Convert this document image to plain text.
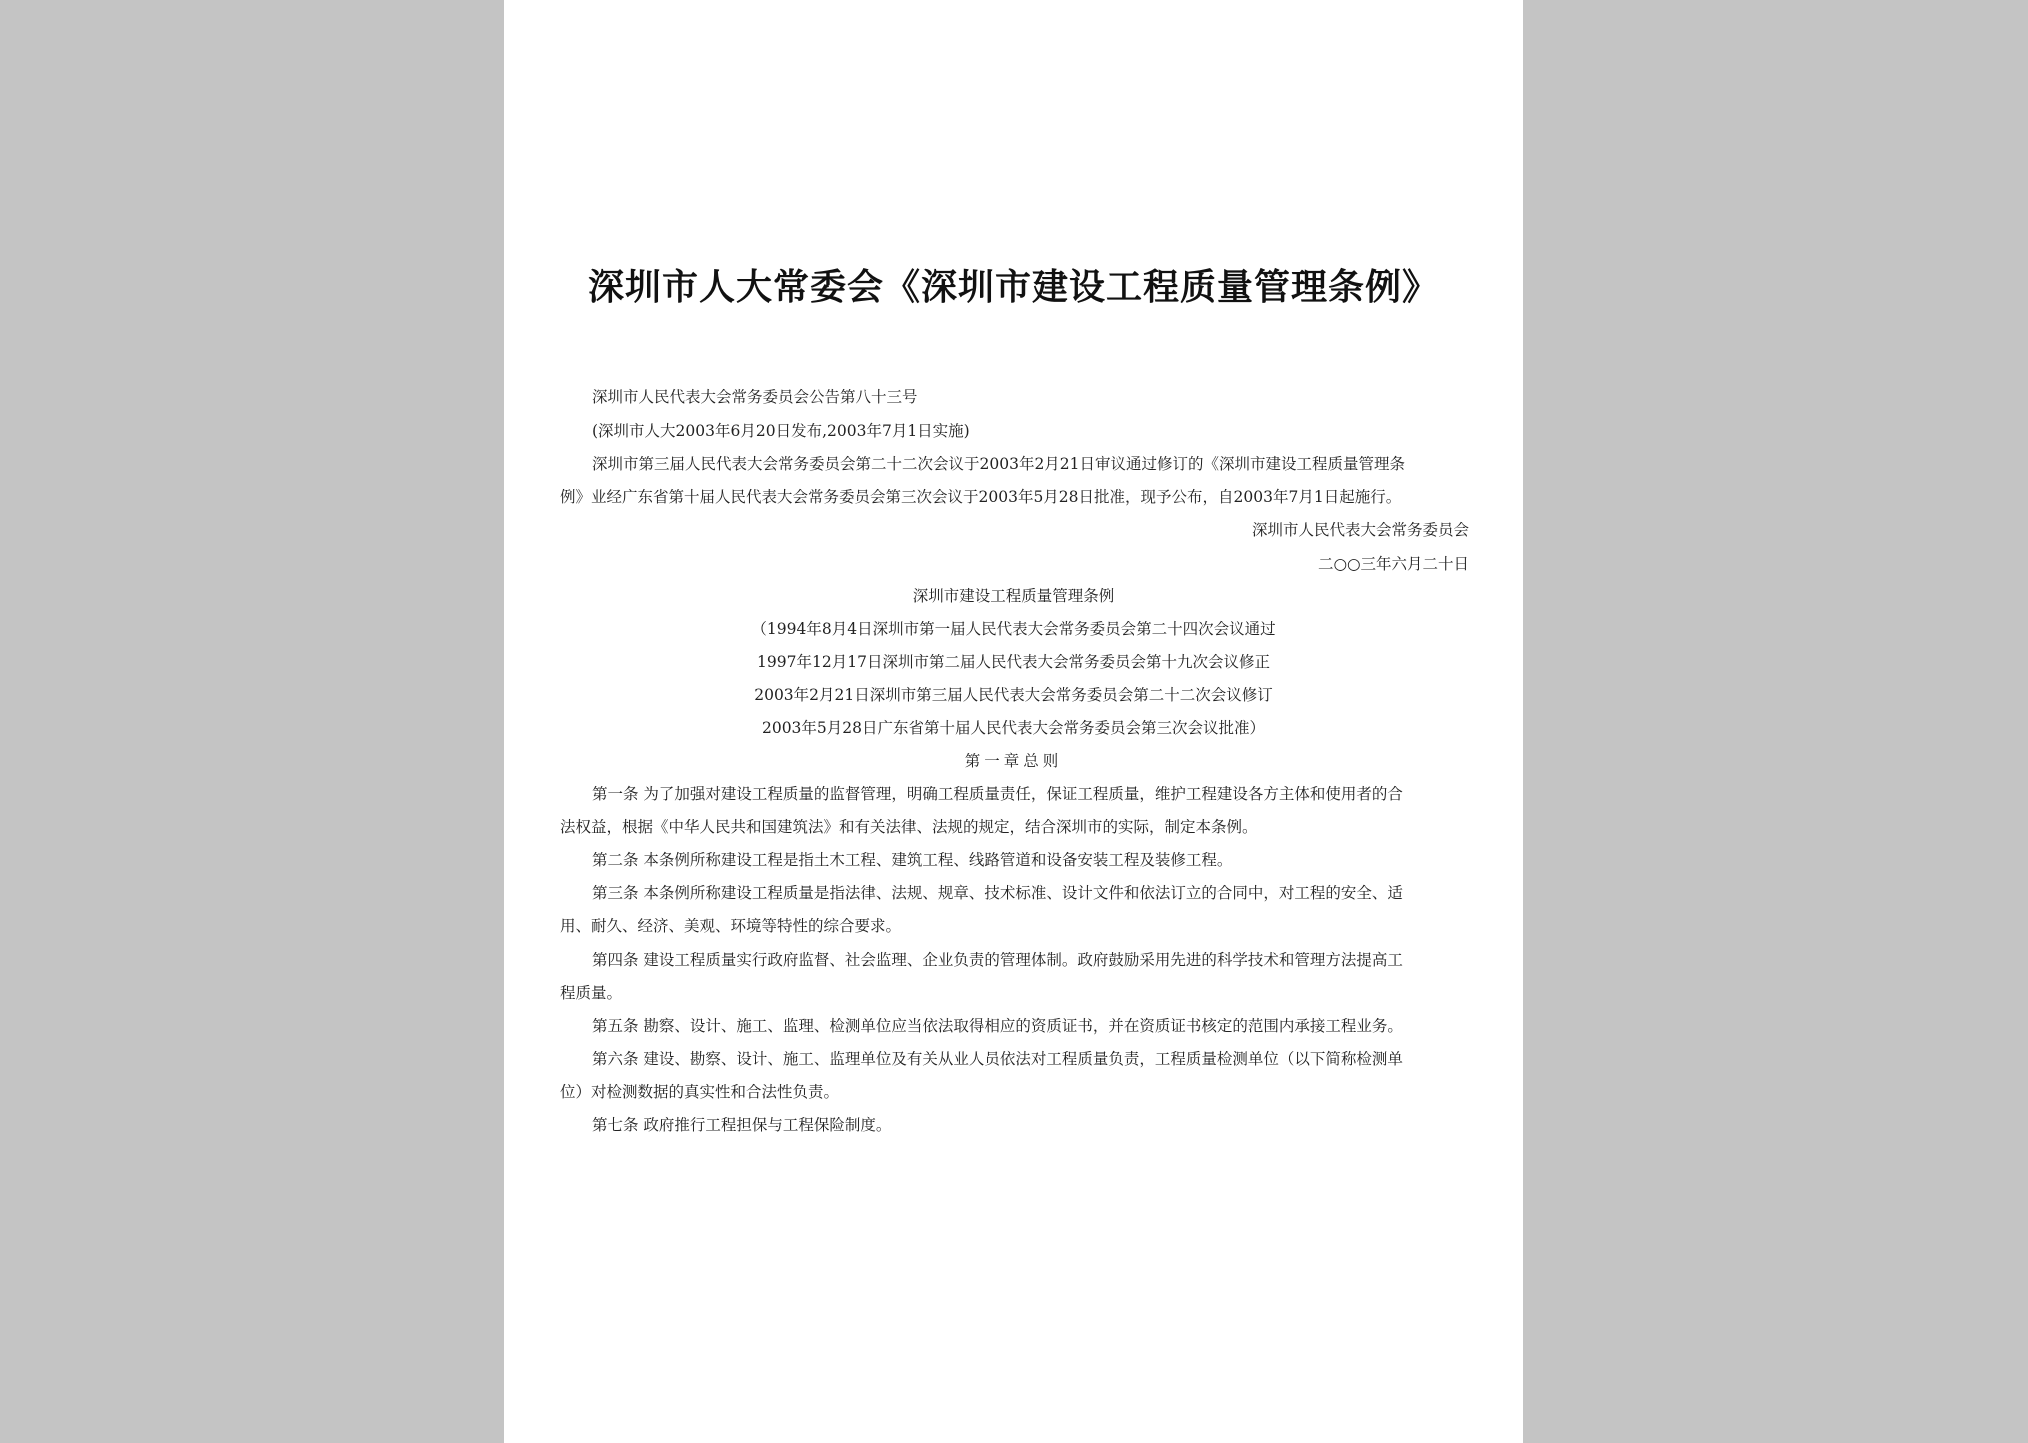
深圳市人大常委会《深圳市建设工程质量管理条例》
深圳市人民代表大会常务委员会公告第八十三号
(深圳市人大2003年6月20日发布,2003年7月1日实施)
深圳市第三届人民代表大会常务委员会第二十二次会议于2003年2月21日审议通过修订的《深圳市建设工程质量管理条
例》业经广东省第十届人民代表大会常务委员会第三次会议于2003年5月28日批准，现予公布，自2003年7月1日起施行。
深圳市人民代表大会常务委员会
二○○三年六月二十日
深圳市建设工程质量管理条例
（1994年8月4日深圳市第一届人民代表大会常务委员会第二十四次会议通过
1997年12月17日深圳市第二届人民代表大会常务委员会第十九次会议修正
2003年2月21日深圳市第三届人民代表大会常务委员会第二十二次会议修订
2003年5月28日广东省第十届人民代表大会常务委员会第三次会议批准）
第一章总则
第一条 为了加强对建设工程质量的监督管理，明确工程质量责任，保证工程质量，维护工程建设各方主体和使用者的合
法权益，根据《中华人民共和国建筑法》和有关法律、法规的规定，结合深圳市的实际，制定本条例。
第二条 本条例所称建设工程是指土木工程、建筑工程、线路管道和设备安装工程及装修工程。
第三条 本条例所称建设工程质量是指法律、法规、规章、技术标准、设计文件和依法订立的合同中，对工程的安全、适
用、耐久、经济、美观、环境等特性的综合要求。
第四条 建设工程质量实行政府监督、社会监理、企业负责的管理体制。政府鼓励采用先进的科学技术和管理方法提高工
程质量。
第五条 勘察、设计、施工、监理、检测单位应当依法取得相应的资质证书，并在资质证书核定的范围内承接工程业务。
第六条 建设、勘察、设计、施工、监理单位及有关从业人员依法对工程质量负责，工程质量检测单位（以下简称检测单
位）对检测数据的真实性和合法性负责。
第七条 政府推行工程担保与工程保险制度。
